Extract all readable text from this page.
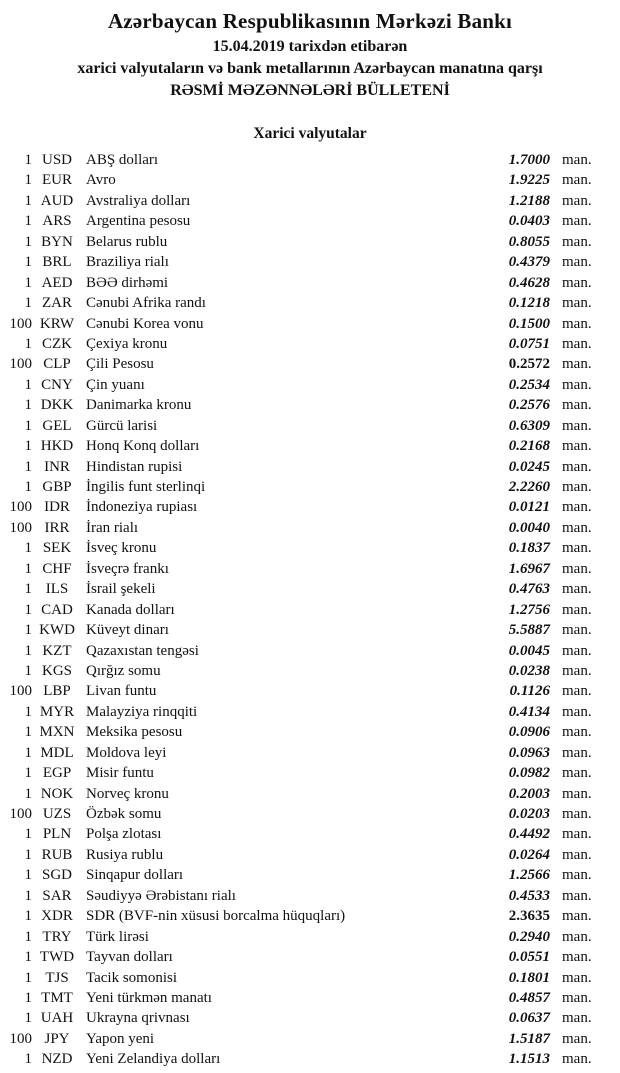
Azərbaycan Respublikasının Mərkəzi Bankı
15.04.2019 tarixdən etibarən
xarici valyutaların və bank metallarının Azərbaycan manatına qarşı
RƏSMİ MƏZƏNNƏLƏRİ BÜLLETENİ
Xarici valyutalar
1 USD ABŞ dolları	1.7000 man.
1 EUR Avro	1.9225 man.
1 AUD Avstraliya dolları	1.2188 man.
1 ARS Argentina pesosu	0.0403 man.
1 BYN Belarus rublu	0.8055 man.
1 BRL Braziliya rialı	0.4379 man.
1 AED BƏƏ dirhəmi	0.4628 man.
1 ZAR Cənubi Afrika randı	0.1218 man.
100 KRW Cənubi Korea vonu	0.1500 man.
1 CZK Çexiya kronu	0.0751 man.
100 CLP	Çili Pesosu	0.2572 man.
1 CNY Çin yuanı	0.2534 man.
1 DKK Danimarka kronu	0.2576 man.
1 GEL Gürcü larisi	0.6309 man.
1 HKD Honq Konq dolları	0.2168 man.
1 INR	Hindistan rupisi	0.0245 man.
1 GBP İngilis funt sterlinqi	2.2260 man.
100 IDR	İndoneziya rupiası	0.0121 man.
100 IRR	İran rialı	0.0040 man.
1 SEK İsveç kronu	0.1837 man.
1 CHF İsveçrə frankı	1.6967 man.
1 ILS	İsrail şekeli	0.4763 man.
1 CAD Kanada dolları	1.2756 man.
1 KWD Küveyt dinarı	5.5887 man.
1 KZT Qazaxıstan tengəsi	0.0045 man.
1 KGS Qırğız somu	0.0238 man.
100 LBP	Livan funtu	0.1126 man.
1 MYR Malayziya rinqqiti	0.4134 man.
1 MXN Meksika pesosu	0.0906 man.
1 MDL Moldova leyi	0.0963 man.
1 EGP Misir funtu	0.0982 man.
1 NOK Norveç kronu	0.2003 man.
100 UZS Özbək somu	0.0203 man.
1 PLN Polşa zlotası	0.4492 man.
1 RUB Rusiya rublu	0.0264 man.
1 SGD Sinqapur dolları	1.2566 man.
1 SAR Səudiyyə Ərəbistanı rialı	0.4533 man.
1 XDR SDR (BVF-nin xüsusi borcalma hüquqları)	2.3635 man.
1 TRY Türk lirəsi	0.2940 man.
1 TWD Tayvan dolları	0.0551 man.
1 TJS	Tacik somonisi	0.1801 man.
1 TMT Yeni türkmən manatı	0.4857 man.
1 UAH Ukrayna qrivnası	0.0637 man.
100 JPY	Yapon yeni	1.5187 man.
1 NZD Yeni Zelandiya dolları	1.1513 man.
